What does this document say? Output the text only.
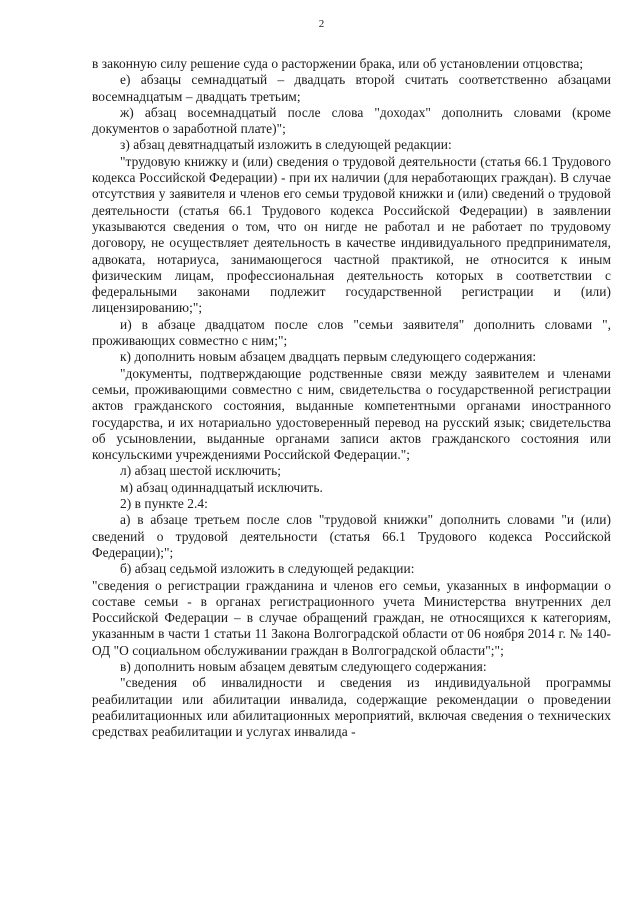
2

в законную силу решение суда о расторжении брака, или об установлении отцовства;

е) абзацы семнадцатый – двадцать второй считать соответственно абзацами восемнадцатым – двадцать третьим;

ж) абзац восемнадцатый после слова "доходах" дополнить словами (кроме документов о заработной плате)";

з) абзац девятнадцатый изложить в следующей редакции:

"трудовую книжку и (или) сведения о трудовой деятельности (статья 66.1 Трудового кодекса Российской Федерации) - при их наличии (для неработающих граждан). В случае отсутствия у заявителя и членов его семьи трудовой книжки и (или) сведений о трудовой деятельности (статья 66.1 Трудового кодекса Российской Федерации) в заявлении указываются сведения о том, что он нигде не работал и не работает по трудовому договору, не осуществляет деятельность в качестве индивидуального предпринимателя, адвоката, нотариуса, занимающегося частной практикой, не относится к иным физическим лицам, профессиональная деятельность которых в соответствии с федеральными законами подлежит государственной регистрации и (или) лицензированию;";

и) в абзаце двадцатом после слов "семьи заявителя" дополнить словами ", проживающих совместно с ним;";

к) дополнить новым абзацем двадцать первым следующего содержания:

"документы, подтверждающие родственные связи между заявителем и членами семьи, проживающими совместно с ним, свидетельства о государственной регистрации актов гражданского состояния, выданные компетентными органами иностранного государства, и их нотариально удостоверенный перевод на русский язык; свидетельства об усыновлении, выданные органами записи актов гражданского состояния или консульскими учреждениями Российской Федерации.";

л) абзац шестой исключить;

м) абзац одиннадцатый исключить.

2) в пункте 2.4:

а) в абзаце третьем после слов "трудовой книжки" дополнить словами "и (или) сведений о трудовой деятельности (статья 66.1 Трудового кодекса Российской Федерации);";

б) абзац седьмой изложить в следующей редакции:

"сведения о регистрации гражданина и членов его семьи, указанных в информации о составе семьи - в органах регистрационного учета Министерства внутренних дел Российской Федерации – в случае обращений граждан, не относящихся к категориям, указанным в части 1 статьи 11 Закона Волгоградской области от 06 ноября 2014 г. № 140-ОД "О социальном обслуживании граждан в Волгоградской области";";

в) дополнить новым абзацем девятым следующего содержания:

"сведения об инвалидности и сведения из индивидуальной программы реабилитации или абилитации инвалида, содержащие рекомендации о проведении реабилитационных или абилитационных мероприятий, включая сведения о технических средствах реабилитации и услугах инвалида -
